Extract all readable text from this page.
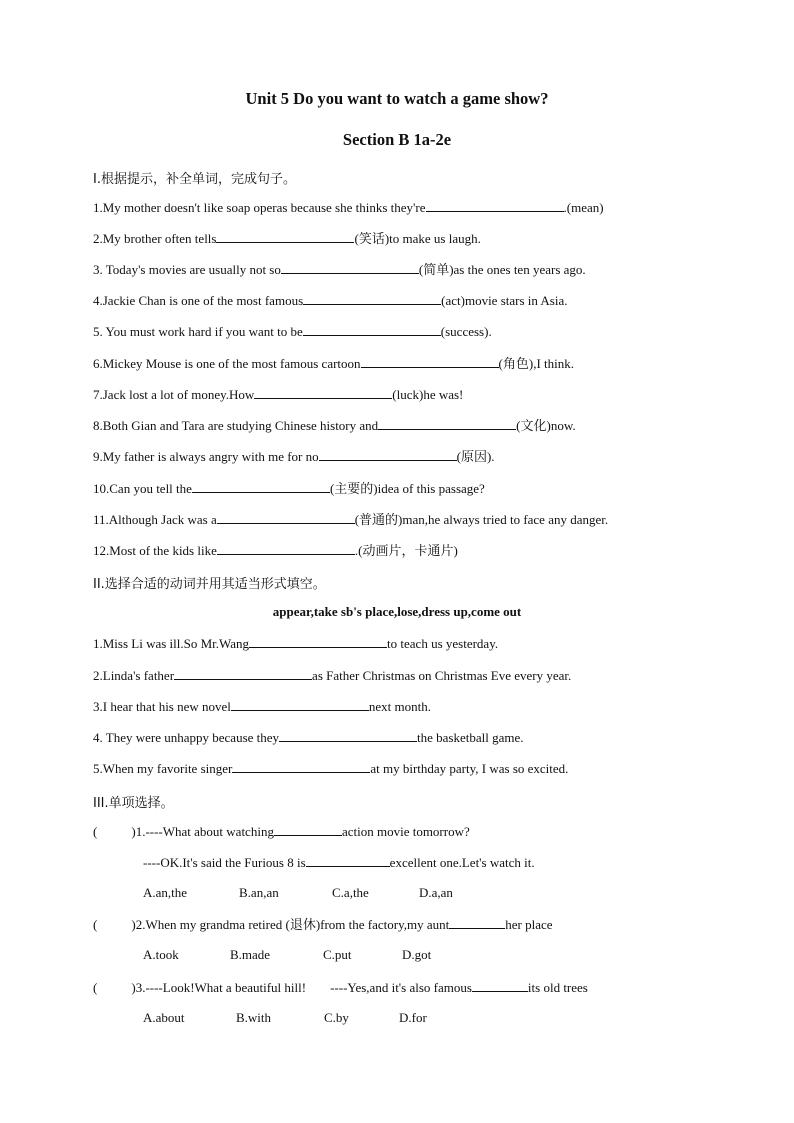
Unit 5 Do you want to watch a game show?
Section B 1a-2e
I.根据提示，补全单词，完成句子。
1.My mother doesn't like soap operas because she thinks they're	.(mean)
2.My brother often tells	(笑话)to make us laugh.
3. Today's movies are usually not so	(简单)as the ones ten years ago.
4.Jackie Chan is one of the most famous	(act)movie stars in Asia.
5. You must work hard if you want to be	(success).
6.Mickey Mouse is one of the most famous cartoon	(角色),I think.
7.Jack lost a lot of money.How	(luck)he was!
8.Both Gian and Tara are studying Chinese history and	(文化)now.
9.My father is always angry with me for no	(原因).
10.Can you tell the	(主要的)idea of this passage?
11.Although Jack was a	(普通的)man,he always tried to face any danger.
12.Most of the kids like	.(动画片，卡通片)
II.选择合适的动词并用其适当形式填空。
appear,take sb's place,lose,dress up,come out
1.Miss Li was ill.So Mr.Wang	to teach us yesterday.
2.Linda's father	as Father Christmas on Christmas Eve every year.
3.I hear that his new novel	next month.
4. They were unhappy because they	the basketball game.
5.When my favorite singer	at my birthday party, I was so excited.
III.单项选择。
(	)1.----What about watching	action movie tomorrow?
----OK.It's said the Furious 8 is	excellent one.Let's watch it.
A.an,the	B.an,an	C.a,the	D.a,an
(	)2.When my grandma retired (退休)from the factory,my aunt	her place
A.took	B.made	C.put	D.got
(	)3.----Look!What a beautiful hill! ----Yes,and it's also famous	its old trees
A.about	B.with	C.by	D.for
